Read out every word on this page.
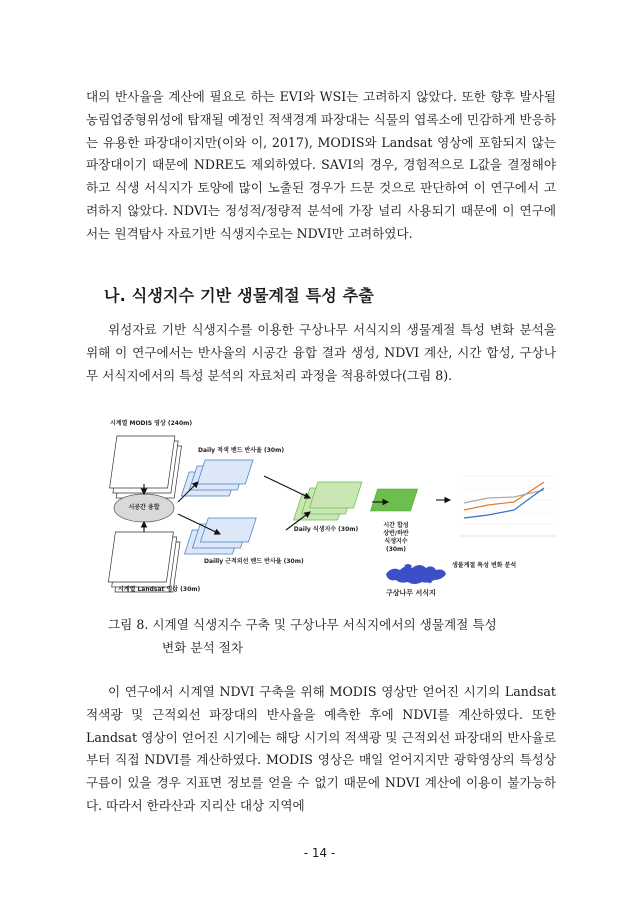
대의 반사율을 계산에 필요로 하는 EVI와 WSI는 고려하지 않았다. 또한 향후 발사될 농림업중형위성에 탑재될 예정인 적색경계 파장대는 식물의 엽록소에 민감하게 반응하는 유용한 파장대이지만(이와 이, 2017), MODIS와 Landsat 영상에 포함되지 않는 파장대이기 때문에 NDRE도 제외하였다. SAVI의 경우, 경험적으로 L값을 결정해야하고 식생 서식지가 토양에 많이 노출된 경우가 드문 것으로 판단하여 이 연구에서 고려하지 않았다. NDVI는 정성적/정량적 분석에 가장 널리 사용되기 때문에 이 연구에서는 원격탐사 자료기반 식생지수로는 NDVI만 고려하였다.

나. 식생지수 기반 생물계절 특성 추출

위성자료 기반 식생지수를 이용한 구상나무 서식지의 생물계절 특성 변화 분석을 위해 이 연구에서는 반사율의 시공간 융합 결과 생성, NDVI 계산, 시간 합성, 구상나무 서식지에서의 특성 분석의 자료처리 과정을 적용하였다(그림 8).

시계열 MODIS 영상 (240m)
Daily 적색 밴드 반사율 (30m)
시공간 융합
Dailly 근적외선 밴드 반사율 (30m)
시계열 Landsat 영상 (30m)
Daily 식생지수 (30m)
시간 합성
상반/하반
식생지수
(30m)
생물계절 특성 변화 분석
구상나무 서식지

그림 8. 시계열 식생지수 구축 및 구상나무 서식지에서의 생물계절 특성
변화 분석 절차

이 연구에서 시계열 NDVI 구축을 위해 MODIS 영상만 얻어진 시기의 Landsat 적색광 및 근적외선 파장대의 반사율을 예측한 후에 NDVI를 계산하였다. 또한 Landsat 영상이 얻어진 시기에는 해당 시기의 적색광 및 근적외선 파장대의 반사율로부터 직접 NDVI를 계산하였다. MODIS 영상은 매일 얻어지지만 광학영상의 특성상 구름이 있을 경우 지표면 정보를 얻을 수 없기 때문에 NDVI 계산에 이용이 불가능하다. 따라서 한라산과 지리산 대상 지역에

- 14 -
